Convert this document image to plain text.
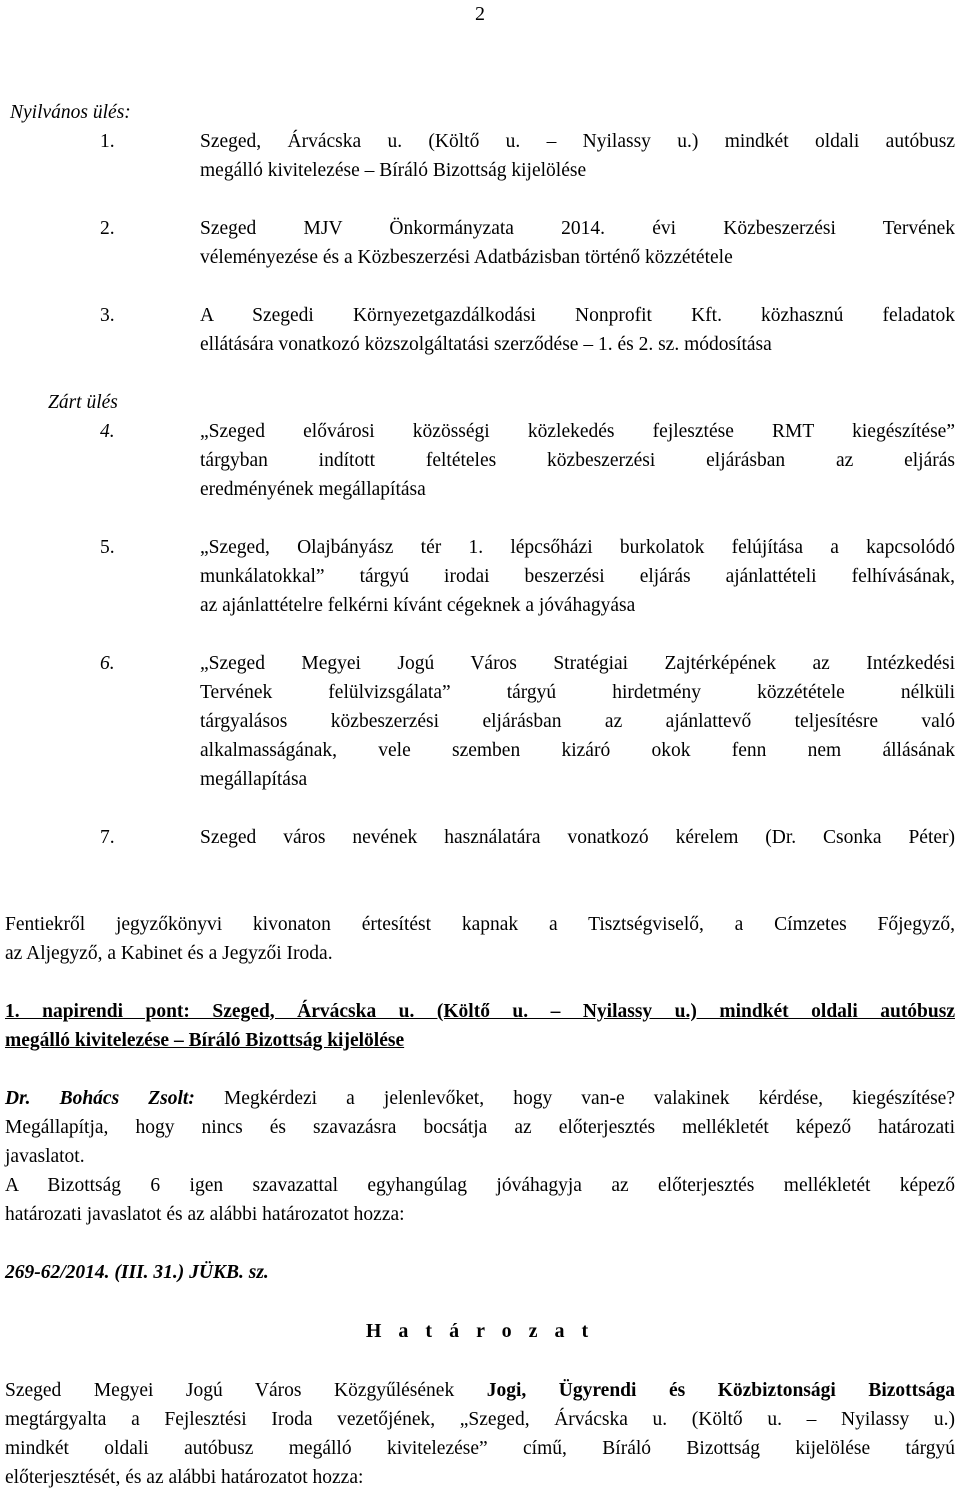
2
Nyilvános ülés:
1.	Szeged, Árvácska u. (Költő u. – Nyilassy u.) mindkét oldali autóbusz
megálló kivitelezése – Bíráló Bizottság kijelölése
2.	Szeged MJV Önkormányzata 2014. évi Közbeszerzési Tervének
véleményezése és a Közbeszerzési Adatbázisban történő közzététele
3.	A Szegedi Környezetgazdálkodási Nonprofit Kft. közhasznú feladatok
ellátására vonatkozó közszolgáltatási szerződése – 1. és 2. sz. módosítása
Zárt ülés
4.	„Szeged elővárosi közösségi közlekedés fejlesztése RMT kiegészítése”
tárgyban indított feltételes közbeszerzési eljárásban az eljárás
eredményének megállapítása
5.	„Szeged, Olajbányász tér 1. lépcsőházi burkolatok felújítása a kapcsolódó
munkálatokkal” tárgyú irodai beszerzési eljárás ajánlattételi felhívásának,
az ajánlattételre felkérni kívánt cégeknek a jóváhagyása
6.	„Szeged Megyei Jogú Város Stratégiai Zajtérképének az Intézkedési
Tervének felülvizsgálata” tárgyú hirdetmény közzététele nélküli
tárgyalásos közbeszerzési eljárásban az ajánlattevő teljesítésre való
alkalmasságának, vele szemben kizáró okok fenn nem állásának
megállapítása
7.	Szeged város nevének használatára vonatkozó kérelem (Dr. Csonka Péter)
Fentiekről jegyzőkönyvi kivonaton értesítést kapnak a Tisztségviselő, a Címzetes Főjegyző,
az Aljegyző, a Kabinet és a Jegyzői Iroda.
1. napirendi pont: Szeged, Árvácska u. (Költő u. – Nyilassy u.) mindkét oldali autóbusz
megálló kivitelezése – Bíráló Bizottság kijelölése
Dr. Bohács Zsolt: Megkérdezi a jelenlevőket, hogy van-e valakinek kérdése, kiegészítése?
Megállapítja, hogy nincs és szavazásra bocsátja az előterjesztés mellékletét képező határozati
javaslatot.
A Bizottság 6 igen szavazattal egyhangúlag jóváhagyja az előterjesztés mellékletét képező
határozati javaslatot és az alábbi határozatot hozza:
269-62/2014. (III. 31.) JÜKB. sz.
H a t á r o z a t
Szeged Megyei Jogú Város Közgyűlésének Jogi, Ügyrendi és Közbiztonsági Bizottsága
megtárgyalta a Fejlesztési Iroda vezetőjének, „Szeged, Árvácska u. (Költő u. – Nyilassy u.)
mindkét oldali autóbusz megálló kivitelezése” című, Bíráló Bizottság kijelölése tárgyú
előterjesztését, és az alábbi határozatot hozza:
